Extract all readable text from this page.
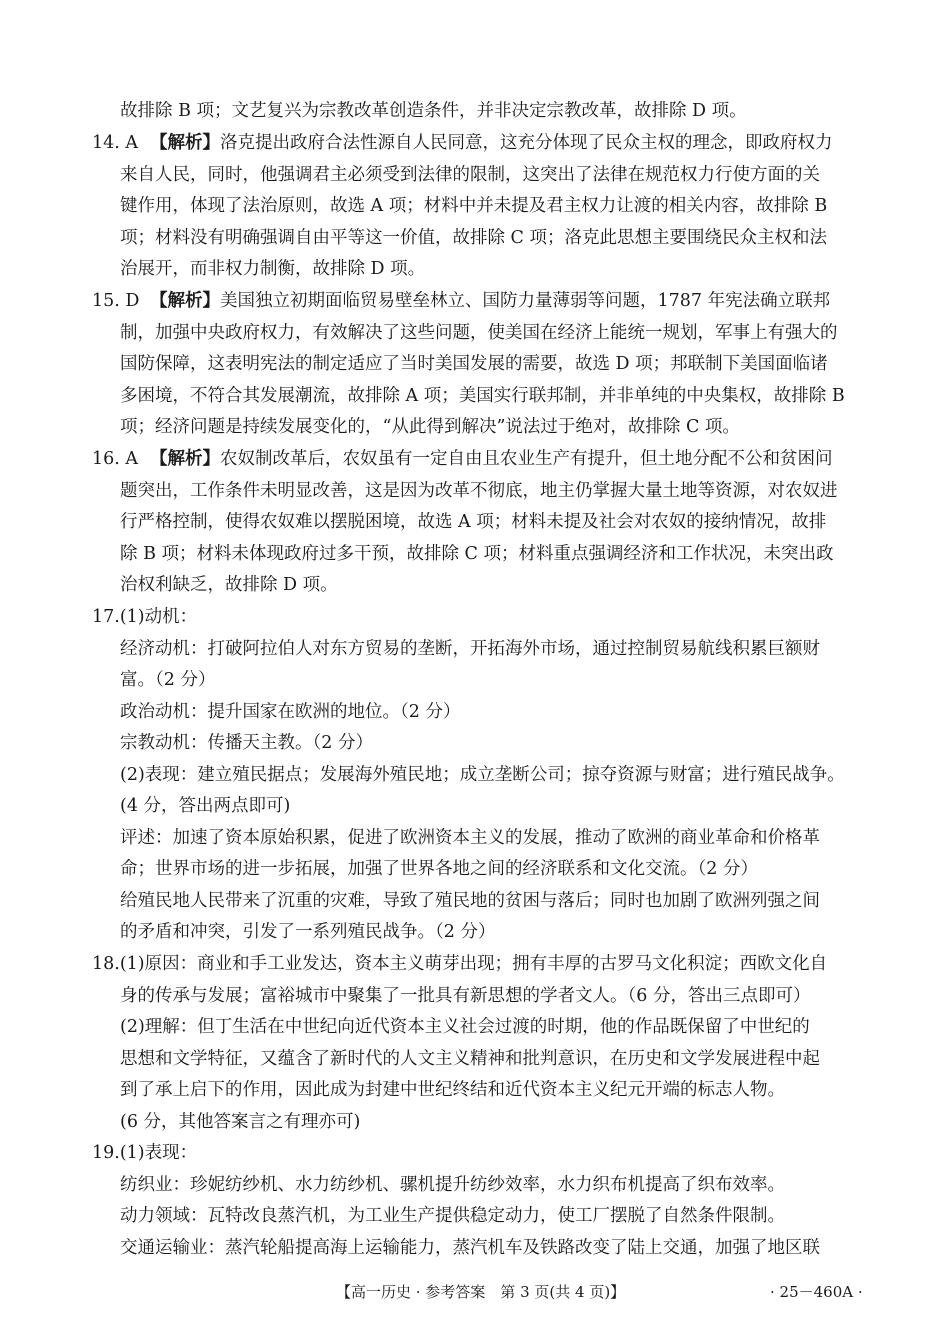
故排除 B 项；文艺复兴为宗教改革创造条件，并非决定宗教改革，故排除 D 项。
14. A 【解析】洛克提出政府合法性源自人民同意，这充分体现了民众主权的理念，即政府权力
来自人民，同时，他强调君主必须受到法律的限制，这突出了法律在规范权力行使方面的关
键作用，体现了法治原则，故选 A 项；材料中并未提及君主权力让渡的相关内容，故排除 B
项；材料没有明确强调自由平等这一价值，故排除 C 项；洛克此思想主要围绕民众主权和法
治展开，而非权力制衡，故排除 D 项。
15. D 【解析】美国独立初期面临贸易壁垒林立、国防力量薄弱等问题，1787 年宪法确立联邦
制，加强中央政府权力，有效解决了这些问题，使美国在经济上能统一规划，军事上有强大的
国防保障，这表明宪法的制定适应了当时美国发展的需要，故选 D 项；邦联制下美国面临诸
多困境，不符合其发展潮流，故排除 A 项；美国实行联邦制，并非单纯的中央集权，故排除 B
项；经济问题是持续发展变化的，“从此得到解决”说法过于绝对，故排除 C 项。
16. A 【解析】农奴制改革后，农奴虽有一定自由且农业生产有提升，但土地分配不公和贫困问
题突出，工作条件未明显改善，这是因为改革不彻底，地主仍掌握大量土地等资源，对农奴进
行严格控制，使得农奴难以摆脱困境，故选 A 项；材料未提及社会对农奴的接纳情况，故排
除 B 项；材料未体现政府过多干预，故排除 C 项；材料重点强调经济和工作状况，未突出政
治权利缺乏，故排除 D 项。
17.(1)动机：
经济动机：打破阿拉伯人对东方贸易的垄断，开拓海外市场，通过控制贸易航线积累巨额财
富。（2 分）
政治动机：提升国家在欧洲的地位。（2 分）
宗教动机：传播天主教。（2 分）
(2)表现：建立殖民据点；发展海外殖民地；成立垄断公司；掠夺资源与财富；进行殖民战争。
(4 分，答出两点即可)
评述：加速了资本原始积累，促进了欧洲资本主义的发展，推动了欧洲的商业革命和价格革
命；世界市场的进一步拓展，加强了世界各地之间的经济联系和文化交流。（2 分）
给殖民地人民带来了沉重的灾难，导致了殖民地的贫困与落后；同时也加剧了欧洲列强之间
的矛盾和冲突，引发了一系列殖民战争。（2 分）
18.(1)原因：商业和手工业发达，资本主义萌芽出现；拥有丰厚的古罗马文化积淀；西欧文化自
身的传承与发展；富裕城市中聚集了一批具有新思想的学者文人。（6 分，答出三点即可）
(2)理解：但丁生活在中世纪向近代资本主义社会过渡的时期，他的作品既保留了中世纪的
思想和文学特征，又蕴含了新时代的人文主义精神和批判意识，在历史和文学发展进程中起
到了承上启下的作用，因此成为封建中世纪终结和近代资本主义纪元开端的标志人物。
(6 分，其他答案言之有理亦可)
19.(1)表现：
纺织业：珍妮纺纱机、水力纺纱机、骡机提升纺纱效率，水力织布机提高了织布效率。
动力领域：瓦特改良蒸汽机，为工业生产提供稳定动力，使工厂摆脱了自然条件限制。
交通运输业：蒸汽轮船提高海上运输能力，蒸汽机车及铁路改变了陆上交通，加强了地区联
【高一历史 · 参考答案　第 3 页(共 4 页)】	· 25－460A ·
